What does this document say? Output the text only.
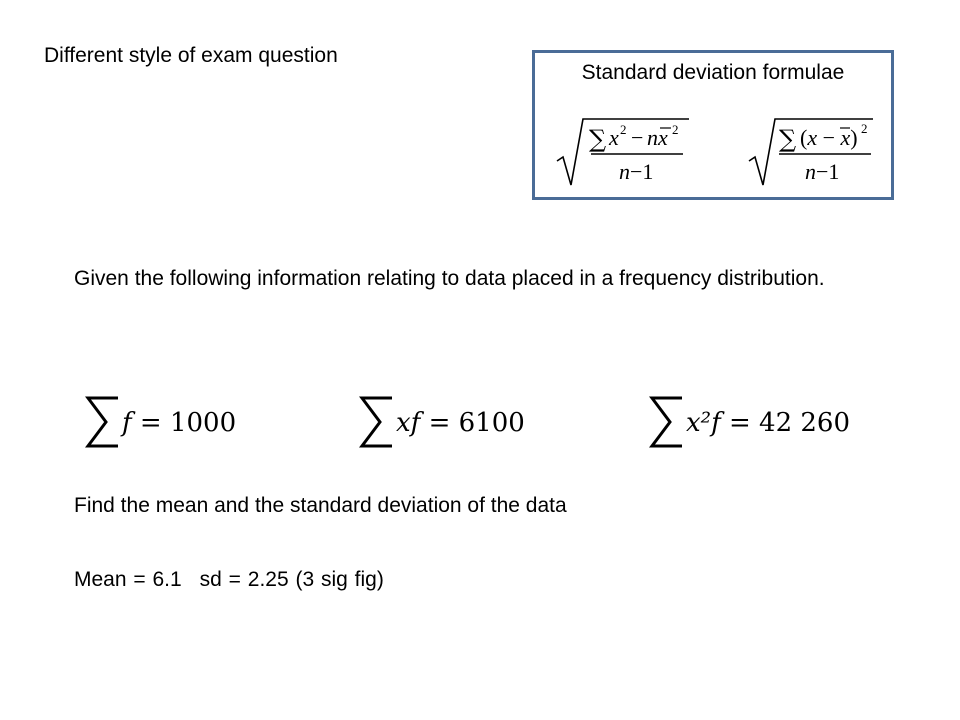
Different style of exam question
Standard deviation formulae
∑ x 2 − nx 2
n−1
∑ (x − x) 2
n−1
Given the following information relating to data placed in a frequency distribution.
f = 1000	xf = 6100	x²f = 42 260
Find the mean and the standard deviation of the data
Mean = 6.1 sd = 2.25 (3 sig fig)
